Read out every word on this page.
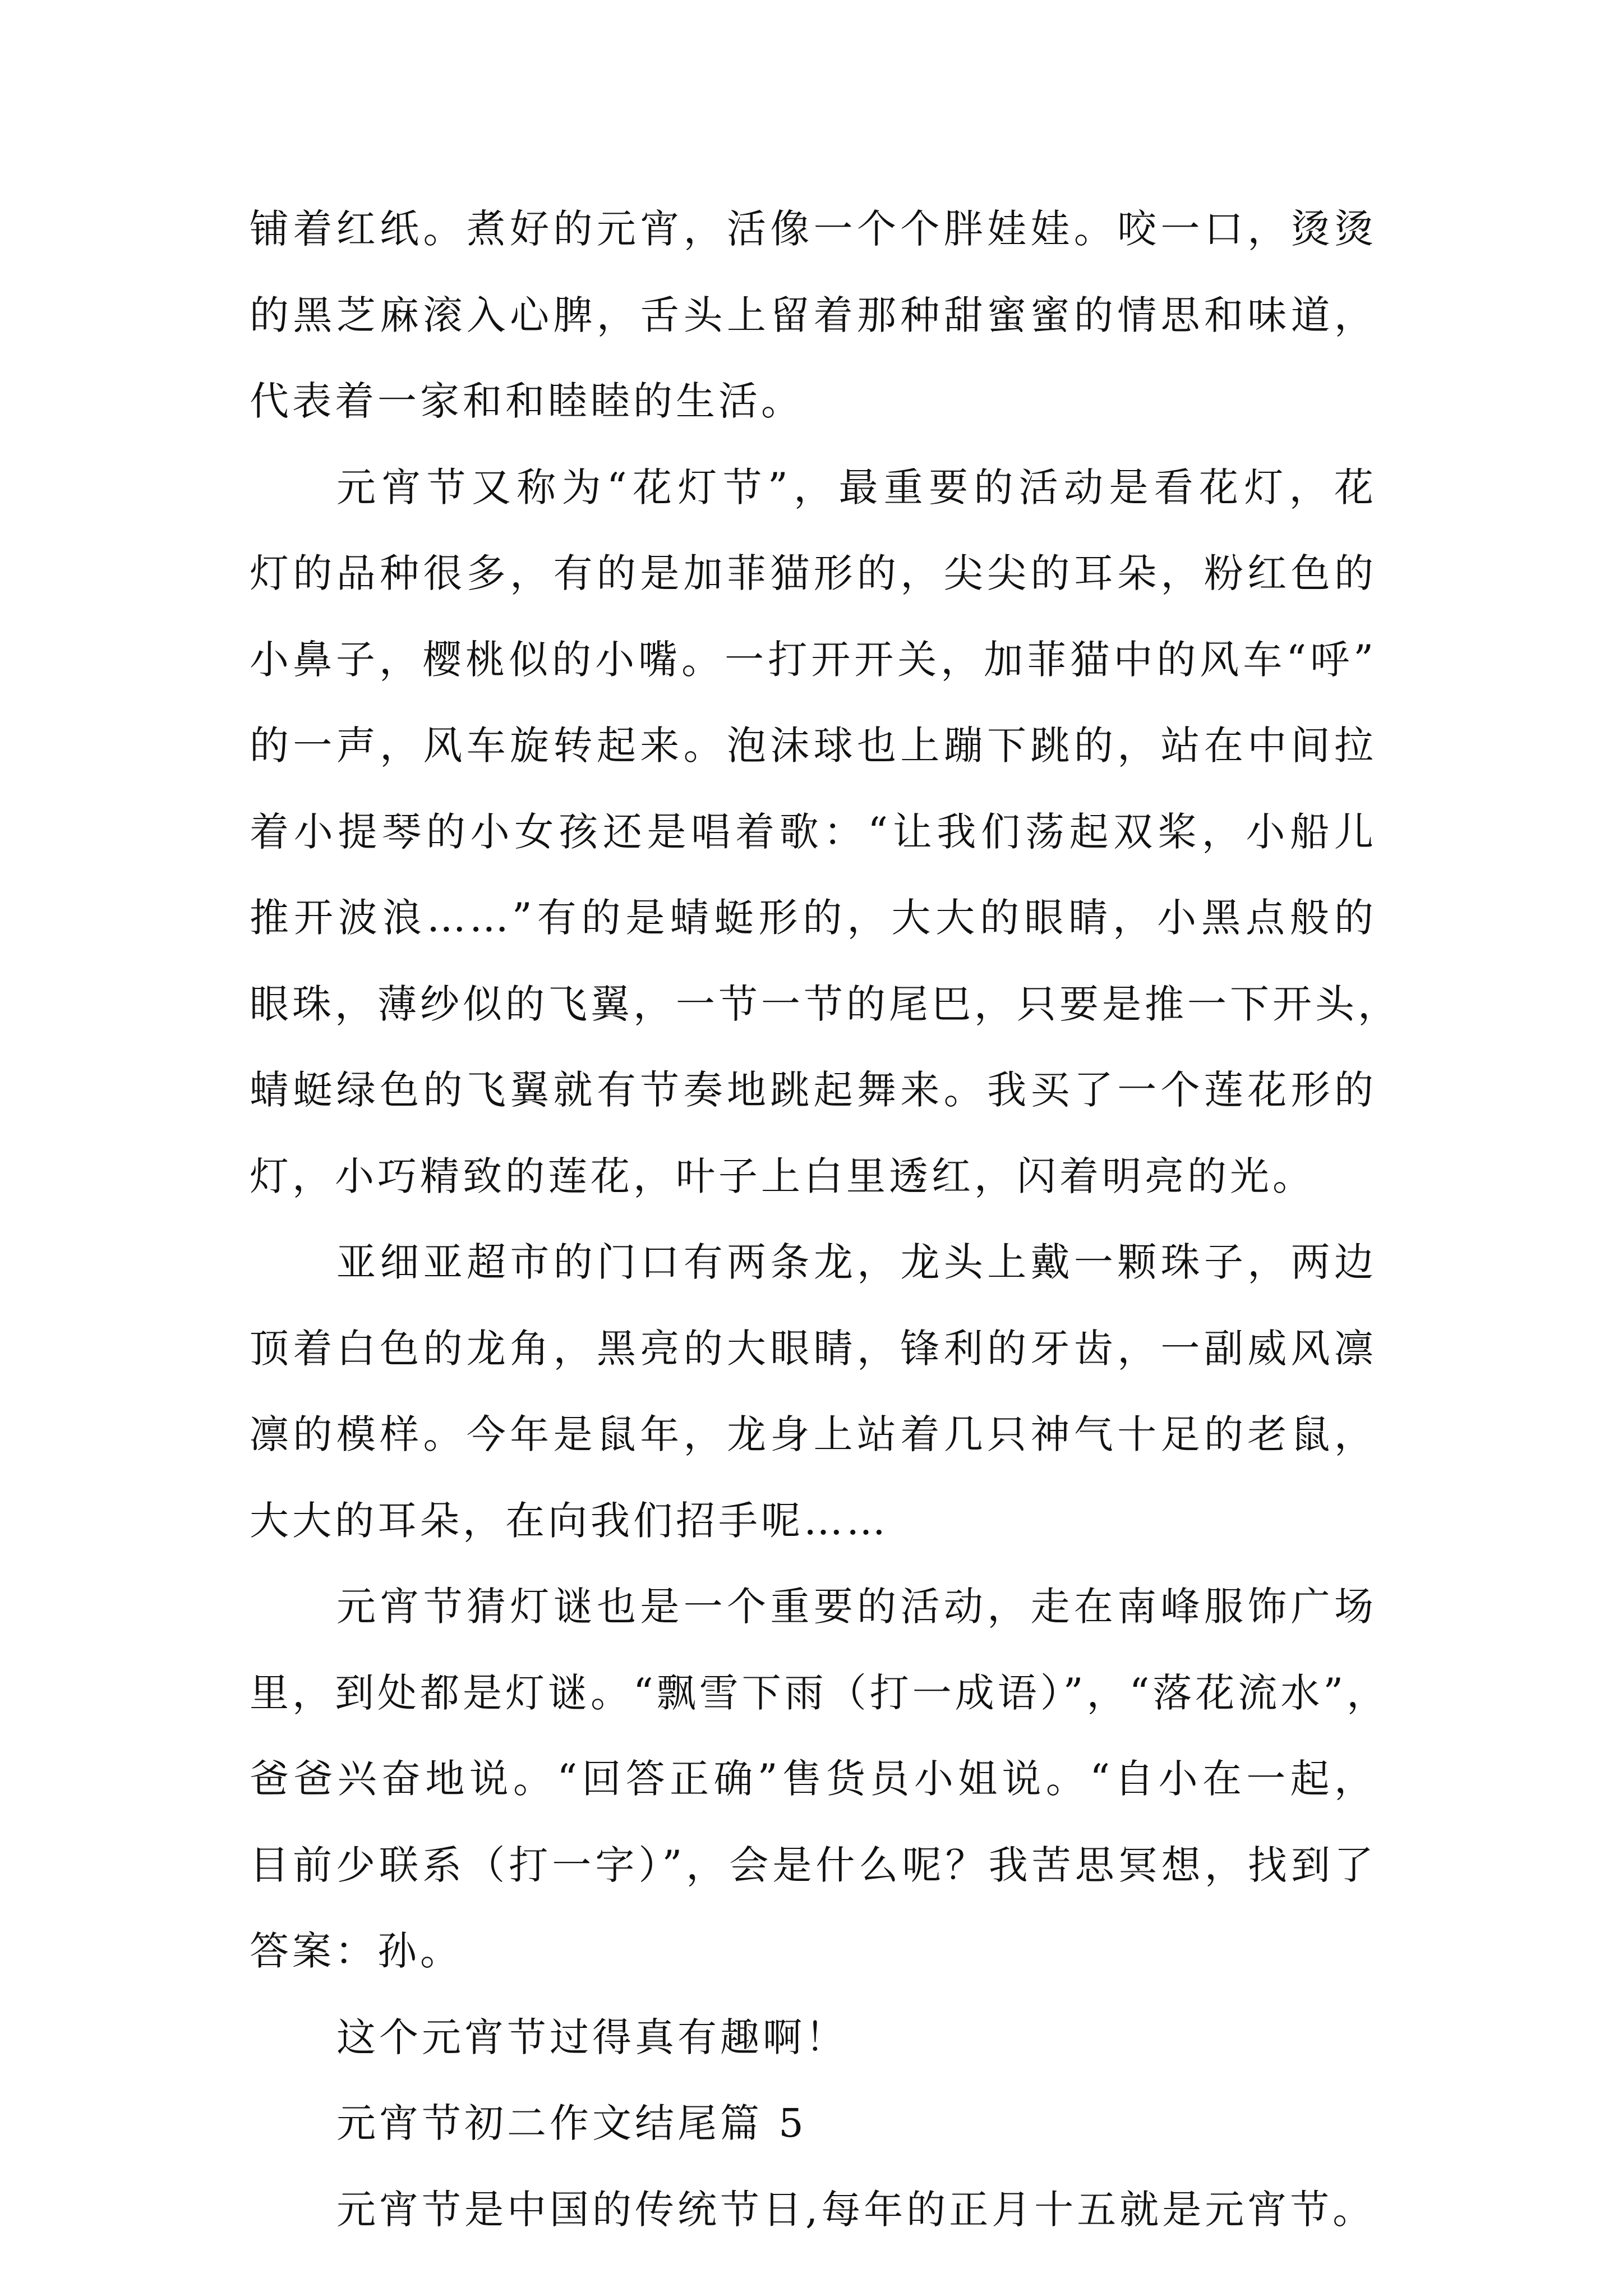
铺着红纸。煮好的元宵，活像一个个胖娃娃。咬一口，烫烫
的黑芝麻滚入心脾，舌头上留着那种甜蜜蜜的情思和味道，
代表着一家和和睦睦的生活。
元宵节又称为“花灯节”，最重要的活动是看花灯，花
灯的品种很多，有的是加菲猫形的，尖尖的耳朵，粉红色的
小鼻子，樱桃似的小嘴。一打开开关，加菲猫中的风车“呼”
的一声，风车旋转起来。泡沫球也上蹦下跳的，站在中间拉
着小提琴的小女孩还是唱着歌：“让我们荡起双桨，小船儿
推开波浪……”有的是蜻蜓形的，大大的眼睛，小黑点般的
眼珠，薄纱似的飞翼，一节一节的尾巴，只要是推一下开头，
蜻蜓绿色的飞翼就有节奏地跳起舞来。我买了一个莲花形的
灯，小巧精致的莲花，叶子上白里透红，闪着明亮的光。
亚细亚超市的门口有两条龙，龙头上戴一颗珠子，两边
顶着白色的龙角，黑亮的大眼睛，锋利的牙齿，一副威风凛
凛的模样。今年是鼠年，龙身上站着几只神气十足的老鼠，
大大的耳朵，在向我们招手呢……
元宵节猜灯谜也是一个重要的活动，走在南峰服饰广场
里，到处都是灯谜。“飘雪下雨（打一成语）”，“落花流水”，
爸爸兴奋地说。“回答正确”售货员小姐说。“自小在一起，
目前少联系（打一字）”，会是什么呢？我苦思冥想，找到了
答案：孙。
这个元宵节过得真有趣啊！
元宵节初二作文结尾篇 5
元宵节是中国的传统节日,每年的正月十五就是元宵节。
